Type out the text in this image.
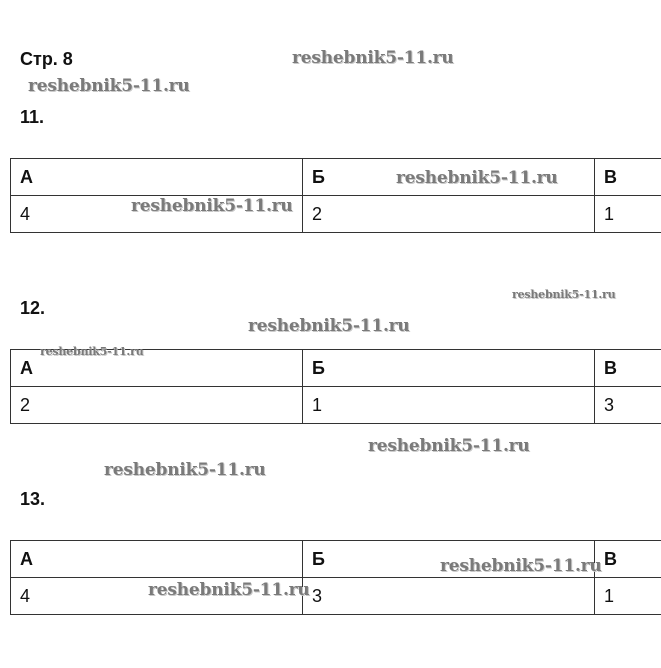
Стр. 8
11.
А	Б	В
4	2	1
12.
А	Б	В
2	1	3
13.
А	Б	В
4	3	1
reshebnik5-11.ru
reshebnik5-11.ru
reshebnik5-11.ru
reshebnik5-11.ru
reshebnik5-11.ru
reshebnik5-11.ru
reshebnik5-11.ru
reshebnik5-11.ru
reshebnik5-11.ru
reshebnik5-11.ru
reshebnik5-11.ru
